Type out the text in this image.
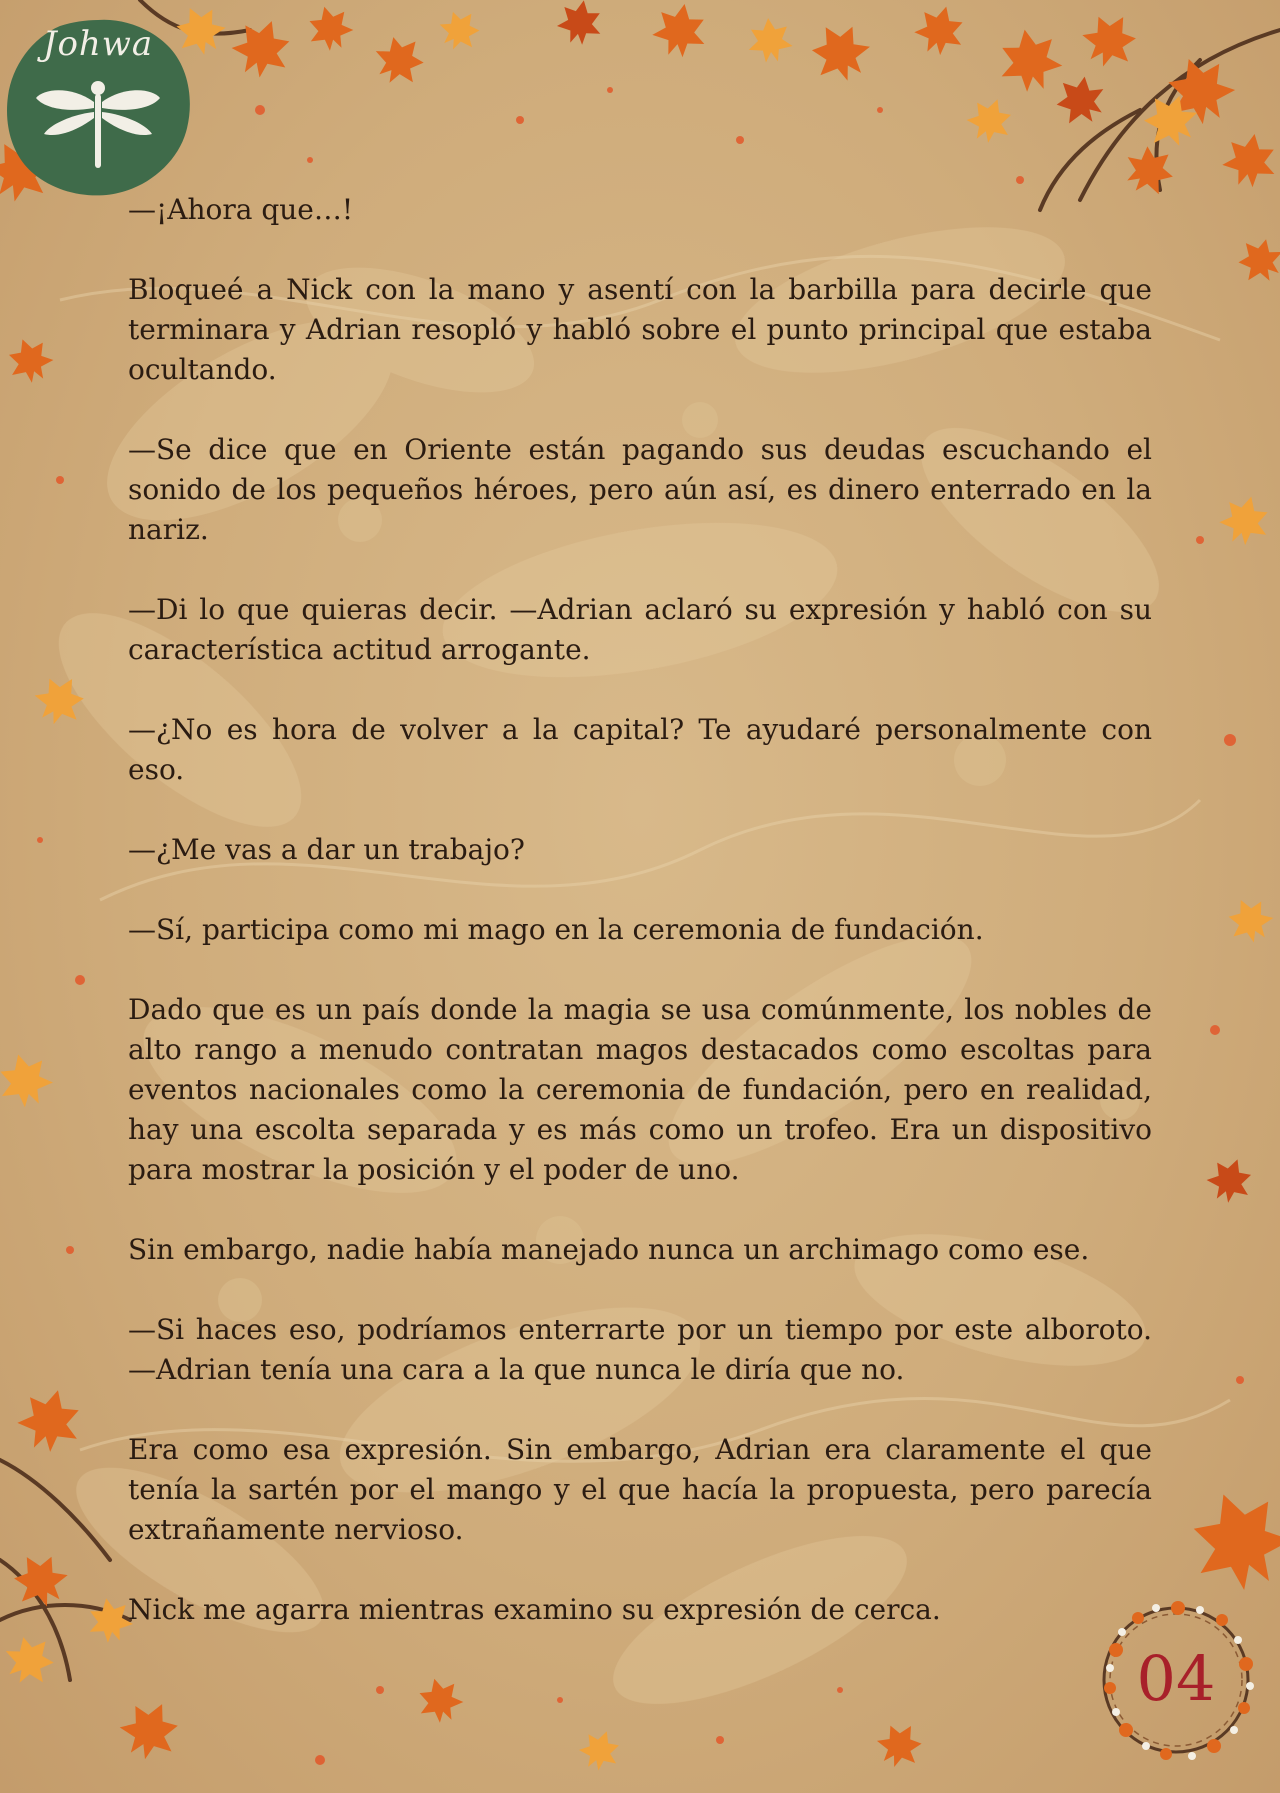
Johwa

—¡Ahora que…!

Bloqueé a Nick con la mano y asentí con la barbilla para decirle que terminara y Adrian resopló y habló sobre el punto principal que estaba ocultando.

—Se dice que en Oriente están pagando sus deudas escuchando el sonido de los pequeños héroes, pero aún así, es dinero enterrado en la nariz.

—Di lo que quieras decir. —Adrian aclaró su expresión y habló con su característica actitud arrogante.

—¿No es hora de volver a la capital? Te ayudaré personalmente con eso.

—¿Me vas a dar un trabajo?

—Sí, participa como mi mago en la ceremonia de fundación.

Dado que es un país donde la magia se usa comúnmente, los nobles de alto rango a menudo contratan magos destacados como escoltas para eventos nacionales como la ceremonia de fundación, pero en realidad, hay una escolta separada y es más como un trofeo. Era un dispositivo para mostrar la posición y el poder de uno.

Sin embargo, nadie había manejado nunca un archimago como ese.

—Si haces eso, podríamos enterrarte por un tiempo por este alboroto. —Adrian tenía una cara a la que nunca le diría que no.

Era como esa expresión. Sin embargo, Adrian era claramente el que tenía la sartén por el mango y el que hacía la propuesta, pero parecía extrañamente nervioso.

Nick me agarra mientras examino su expresión de cerca.

04
